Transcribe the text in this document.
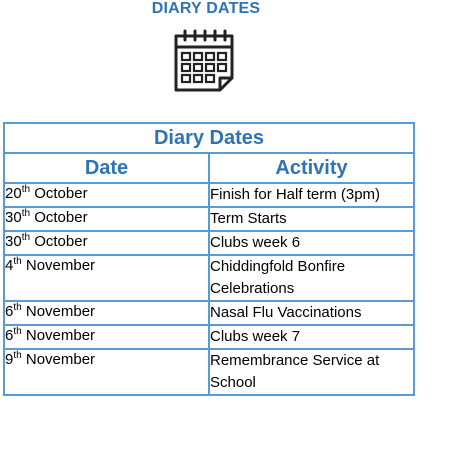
DIARY DATES
Diary Dates	
Date	Activity
20th October	Finish for Half term (3pm)
30th October	Term Starts
30th October	Clubs week 6
4th November	Chiddingfold Bonfire Celebrations
6th November	Nasal Flu Vaccinations
6th November	Clubs week 7
9th November	Remembrance Service at School
